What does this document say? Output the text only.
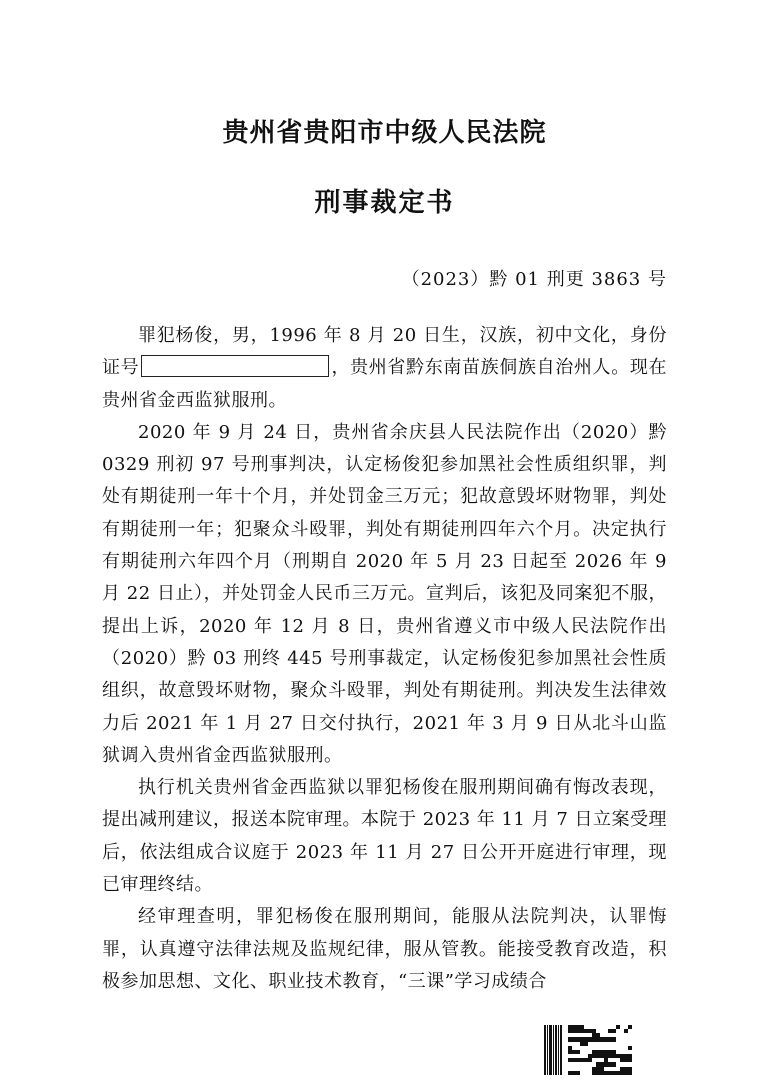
贵州省贵阳市中级人民法院
刑事裁定书
（2023）黔 01 刑更 3863 号

罪犯杨俊，男，1996 年 8 月 20 日生，汉族，初中文化，身份证号	，贵州省黔东南苗族侗族自治州人。现在贵州省金西监狱服刑。

2020 年 9 月 24 日，贵州省余庆县人民法院作出（2020）黔 0329 刑初 97 号刑事判决，认定杨俊犯参加黑社会性质组织罪，判处有期徒刑一年十个月，并处罚金三万元；犯故意毁坏财物罪，判处有期徒刑一年；犯聚众斗殴罪，判处有期徒刑四年六个月。决定执行有期徒刑六年四个月（刑期自 2020 年 5 月 23 日起至 2026 年 9 月 22 日止），并处罚金人民币三万元。宣判后，该犯及同案犯不服，提出上诉，2020 年 12 月 8 日，贵州省遵义市中级人民法院作出（2020）黔 03 刑终 445 号刑事裁定，认定杨俊犯参加黑社会性质组织，故意毁坏财物，聚众斗殴罪，判处有期徒刑。判决发生法律效力后 2021 年 1 月 27 日交付执行，2021 年 3 月 9 日从北斗山监狱调入贵州省金西监狱服刑。

执行机关贵州省金西监狱以罪犯杨俊在服刑期间确有悔改表现，提出减刑建议，报送本院审理。本院于 2023 年 11 月 7 日立案受理后，依法组成合议庭于 2023 年 11 月 27 日公开开庭进行审理，现已审理终结。

经审理查明，罪犯杨俊在服刑期间，能服从法院判决，认罪悔罪，认真遵守法律法规及监规纪律，服从管教。能接受教育改造，积极参加思想、文化、职业技术教育，“三课”学习成绩合
